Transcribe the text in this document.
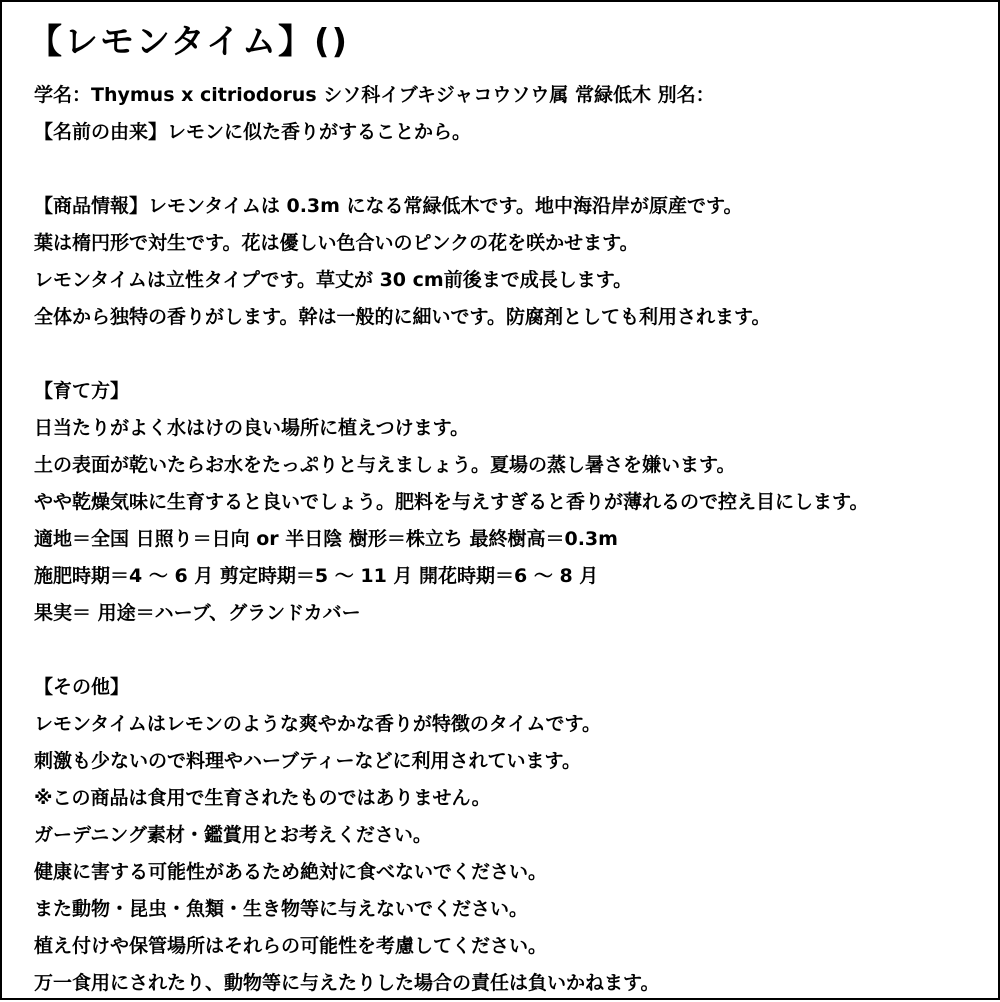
【レモンタイム】()
学名：Thymus x citriodorus シソ科イブキジャコウソウ属 常緑低木 別名：
【名前の由来】レモンに似た香りがすることから。
【商品情報】レモンタイムは 0.3m になる常緑低木です。地中海沿岸が原産です。
葉は楕円形で対生です。花は優しい色合いのピンクの花を咲かせます。
レモンタイムは立性タイプです。草丈が 30 cm前後まで成長します。
全体から独特の香りがします。幹は一般的に細いです。防腐剤としても利用されます。
【育て方】
日当たりがよく水はけの良い場所に植えつけます。
土の表面が乾いたらお水をたっぷりと与えましょう。夏場の蒸し暑さを嫌います。
やや乾燥気味に生育すると良いでしょう。肥料を与えすぎると香りが薄れるので控え目にします。
適地＝全国 日照り＝日向 or 半日陰 樹形＝株立ち 最終樹高＝0.3m
施肥時期＝4 ～ 6 月 剪定時期＝5 ～ 11 月 開花時期＝6 ～ 8 月
果実＝ 用途＝ハーブ、グランドカバー
【その他】
レモンタイムはレモンのような爽やかな香りが特徴のタイムです。
刺激も少ないので料理やハーブティーなどに利用されています。
※この商品は食用で生育されたものではありません。
ガーデニング素材・鑑賞用とお考えください。
健康に害する可能性があるため絶対に食べないでください。
また動物・昆虫・魚類・生き物等に与えないでください。
植え付けや保管場所はそれらの可能性を考慮してください。
万一食用にされたり、動物等に与えたりした場合の責任は負いかねます。
